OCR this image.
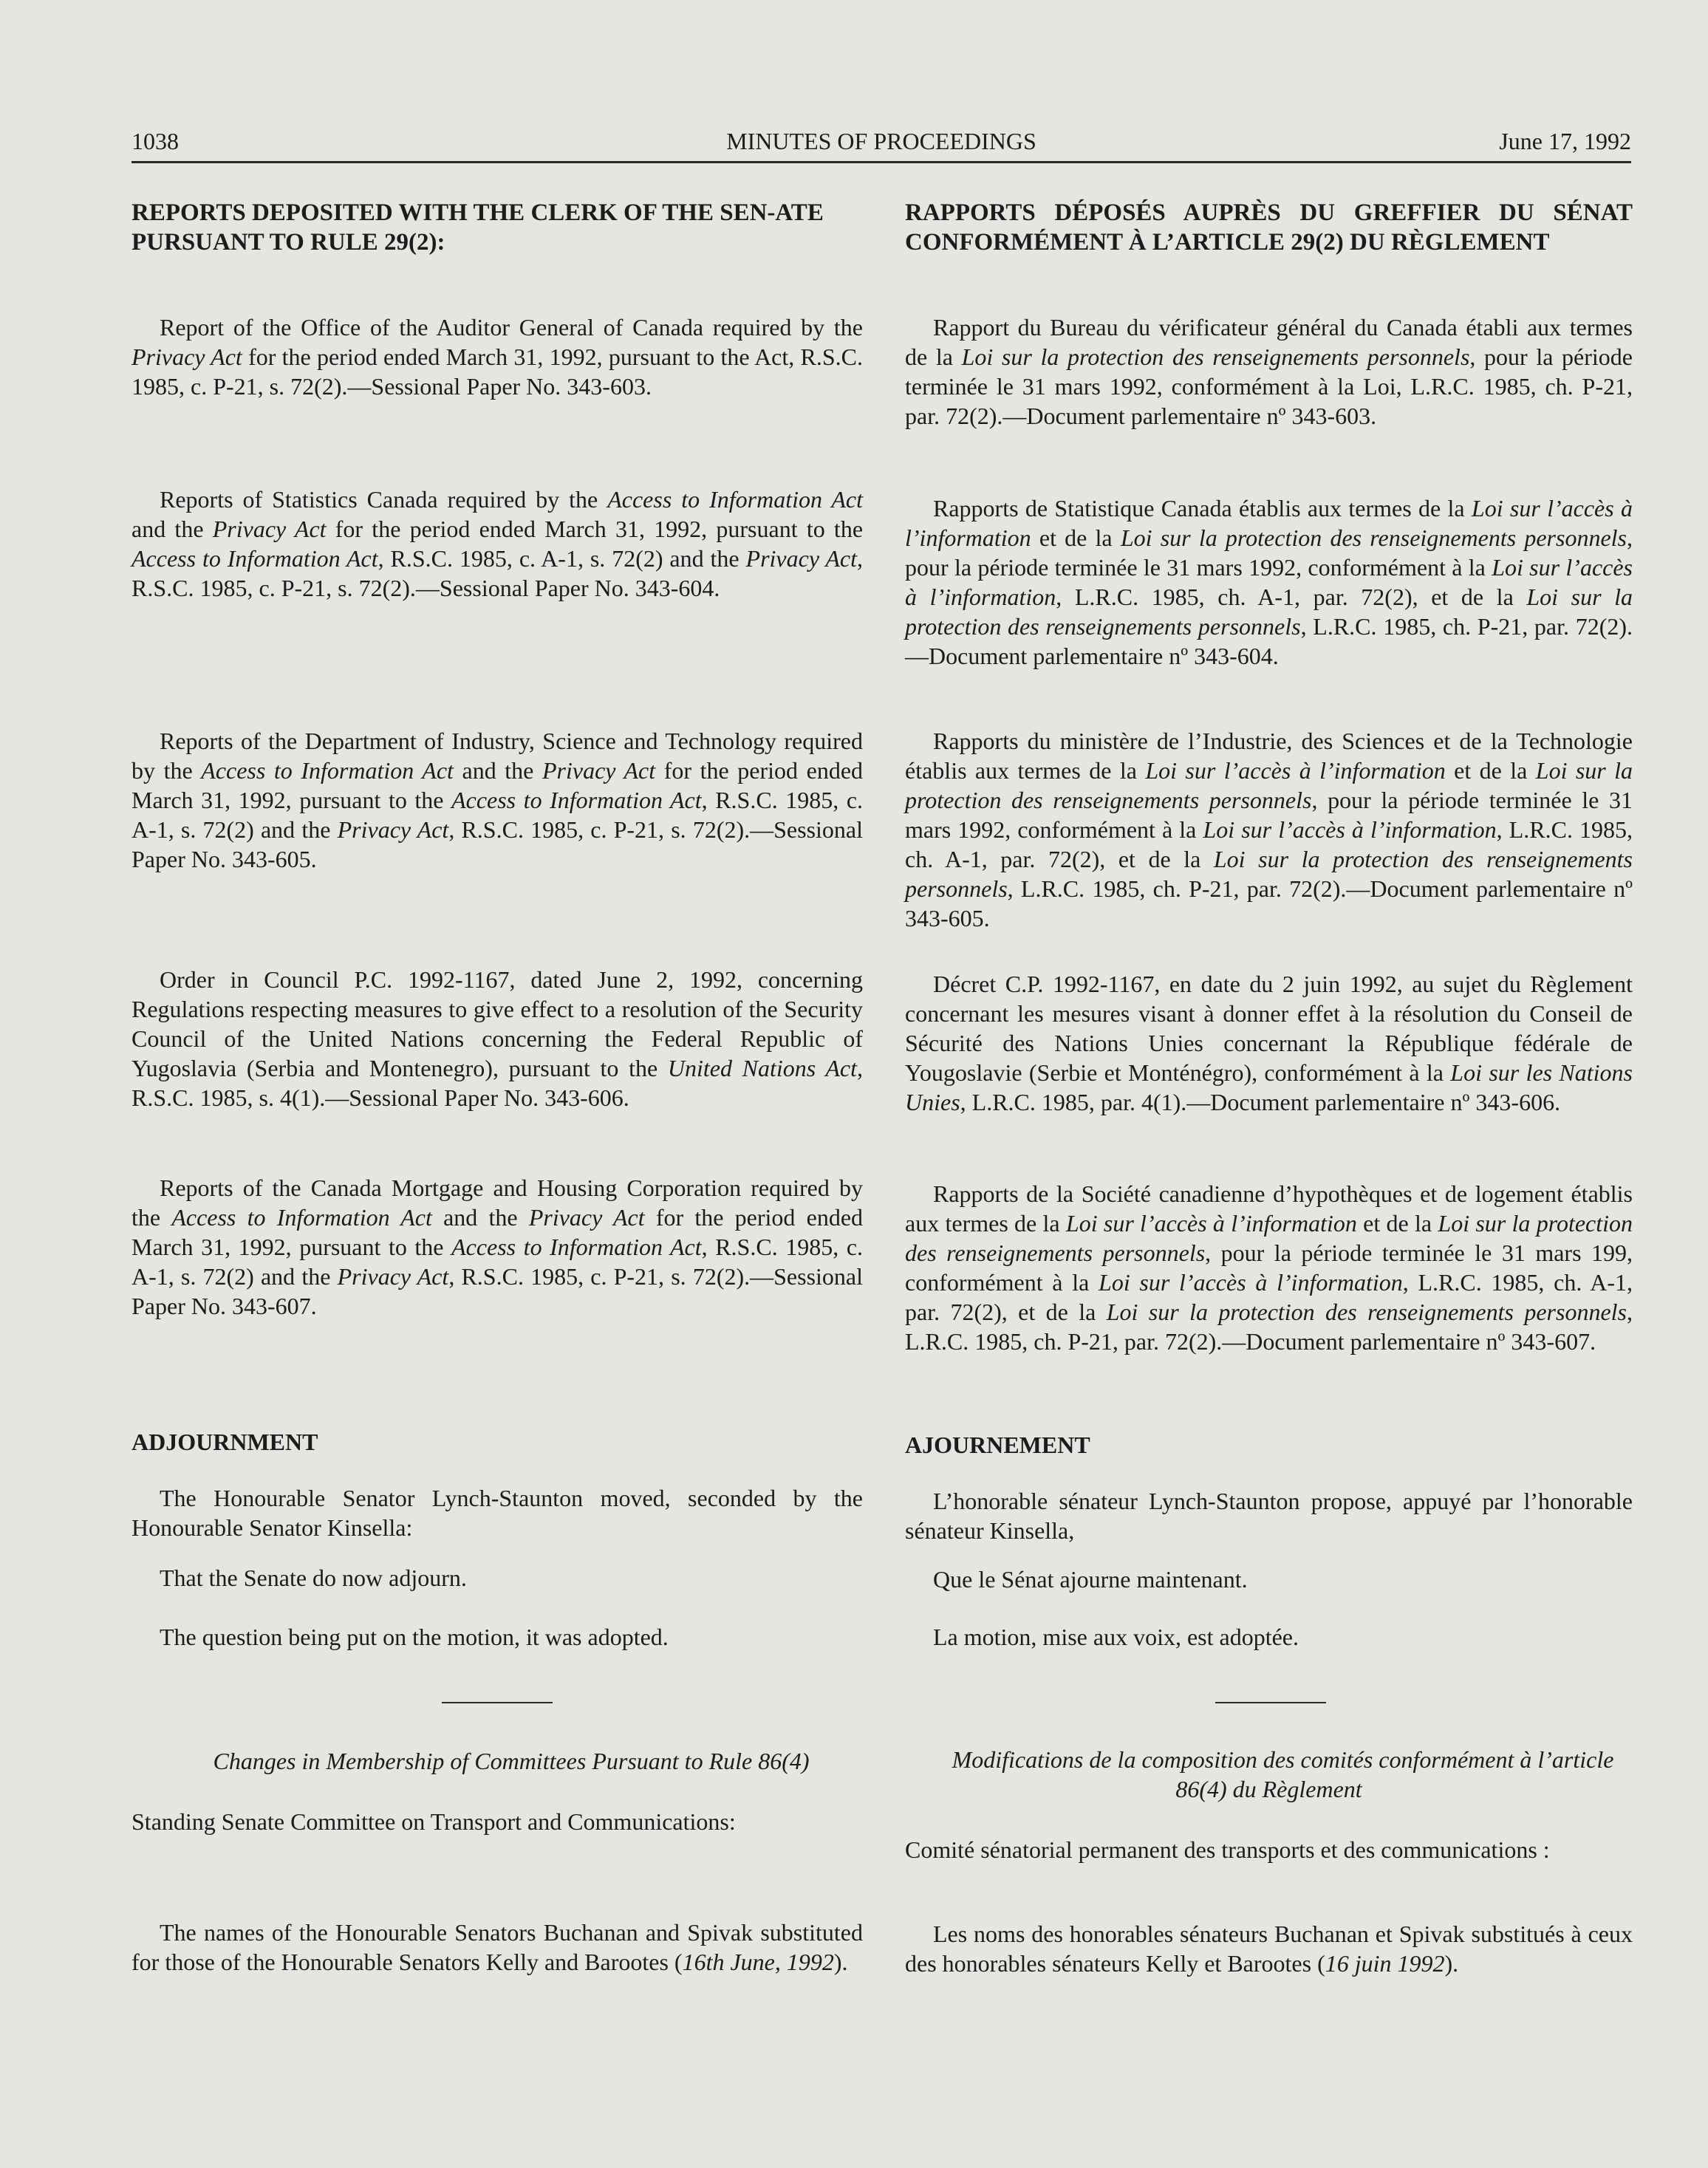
1038	MINUTES OF PROCEEDINGS	June 17, 1992
REPORTS DEPOSITED WITH THE CLERK OF THE SEN-ATE PURSUANT TO RULE 29(2):

Report of the Office of the Auditor General of Canada required by the Privacy Act for the period ended March 31, 1992, pursuant to the Act, R.S.C. 1985, c. P-21, s. 72(2).—Sessional Paper No. 343-603.

Reports of Statistics Canada required by the Access to Information Act and the Privacy Act for the period ended March 31, 1992, pursuant to the Access to Information Act, R.S.C. 1985, c. A-1, s. 72(2) and the Privacy Act, R.S.C. 1985, c. P-21, s. 72(2).—Sessional Paper No. 343-604.

Reports of the Department of Industry, Science and Technology required by the Access to Information Act and the Privacy Act for the period ended March 31, 1992, pursuant to the Access to Information Act, R.S.C. 1985, c. A-1, s. 72(2) and the Privacy Act, R.S.C. 1985, c. P-21, s. 72(2).—Sessional Paper No. 343-605.

Order in Council P.C. 1992-1167, dated June 2, 1992, concerning Regulations respecting measures to give effect to a resolution of the Security Council of the United Nations concerning the Federal Republic of Yugoslavia (Serbia and Montenegro), pursuant to the United Nations Act, R.S.C. 1985, s. 4(1).—Sessional Paper No. 343-606.

Reports of the Canada Mortgage and Housing Corporation required by the Access to Information Act and the Privacy Act for the period ended March 31, 1992, pursuant to the Access to Information Act, R.S.C. 1985, c. A-1, s. 72(2) and the Privacy Act, R.S.C. 1985, c. P-21, s. 72(2).—Sessional Paper No. 343-607.

ADJOURNMENT

The Honourable Senator Lynch-Staunton moved, seconded by the Honourable Senator Kinsella:

That the Senate do now adjourn.

The question being put on the motion, it was adopted.

Changes in Membership of Committees Pursuant to Rule 86(4)

Standing Senate Committee on Transport and Communications:

The names of the Honourable Senators Buchanan and Spivak substituted for those of the Honourable Senators Kelly and Barootes (16th June, 1992).

RAPPORTS DÉPOSÉS AUPRÈS DU GREFFIER DU SÉNAT CONFORMÉMENT À L’ARTICLE 29(2) DU RÈGLEMENT

Rapport du Bureau du vérificateur général du Canada établi aux termes de la Loi sur la protection des renseignements personnels, pour la période terminée le 31 mars 1992, conformément à la Loi, L.R.C. 1985, ch. P-21, par. 72(2).—Document parlementaire nº 343-603.

Rapports de Statistique Canada établis aux termes de la Loi sur l’accès à l’information et de la Loi sur la protection des renseignements personnels, pour la période terminée le 31 mars 1992, conformément à la Loi sur l’accès à l’information, L.R.C. 1985, ch. A-1, par. 72(2), et de la Loi sur la protection des renseignements personnels, L.R.C. 1985, ch. P-21, par. 72(2).—Document parlementaire nº 343-604.

Rapports du ministère de l’Industrie, des Sciences et de la Technologie établis aux termes de la Loi sur l’accès à l’information et de la Loi sur la protection des renseignements personnels, pour la période terminée le 31 mars 1992, conformément à la Loi sur l’accès à l’information, L.R.C. 1985, ch. A-1, par. 72(2), et de la Loi sur la protection des renseignements personnels, L.R.C. 1985, ch. P-21, par. 72(2).—Document parlementaire nº 343-605.

Décret C.P. 1992-1167, en date du 2 juin 1992, au sujet du Règlement concernant les mesures visant à donner effet à la résolution du Conseil de Sécurité des Nations Unies concernant la République fédérale de Yougoslavie (Serbie et Monténégro), conformément à la Loi sur les Nations Unies, L.R.C. 1985, par. 4(1).—Document parlementaire nº 343-606.

Rapports de la Société canadienne d’hypothèques et de logement établis aux termes de la Loi sur l’accès à l’information et de la Loi sur la protection des renseignements personnels, pour la période terminée le 31 mars 199, conformément à la Loi sur l’accès à l’information, L.R.C. 1985, ch. A-1, par. 72(2), et de la Loi sur la protection des renseignements personnels, L.R.C. 1985, ch. P-21, par. 72(2).—Document parlementaire nº 343-607.

AJOURNEMENT

L’honorable sénateur Lynch-Staunton propose, appuyé par l’honorable sénateur Kinsella,

Que le Sénat ajourne maintenant.

La motion, mise aux voix, est adoptée.

Modifications de la composition des comités conformément à l’article 86(4) du Règlement

Comité sénatorial permanent des transports et des communications :

Les noms des honorables sénateurs Buchanan et Spivak substitués à ceux des honorables sénateurs Kelly et Barootes (16 juin 1992).
